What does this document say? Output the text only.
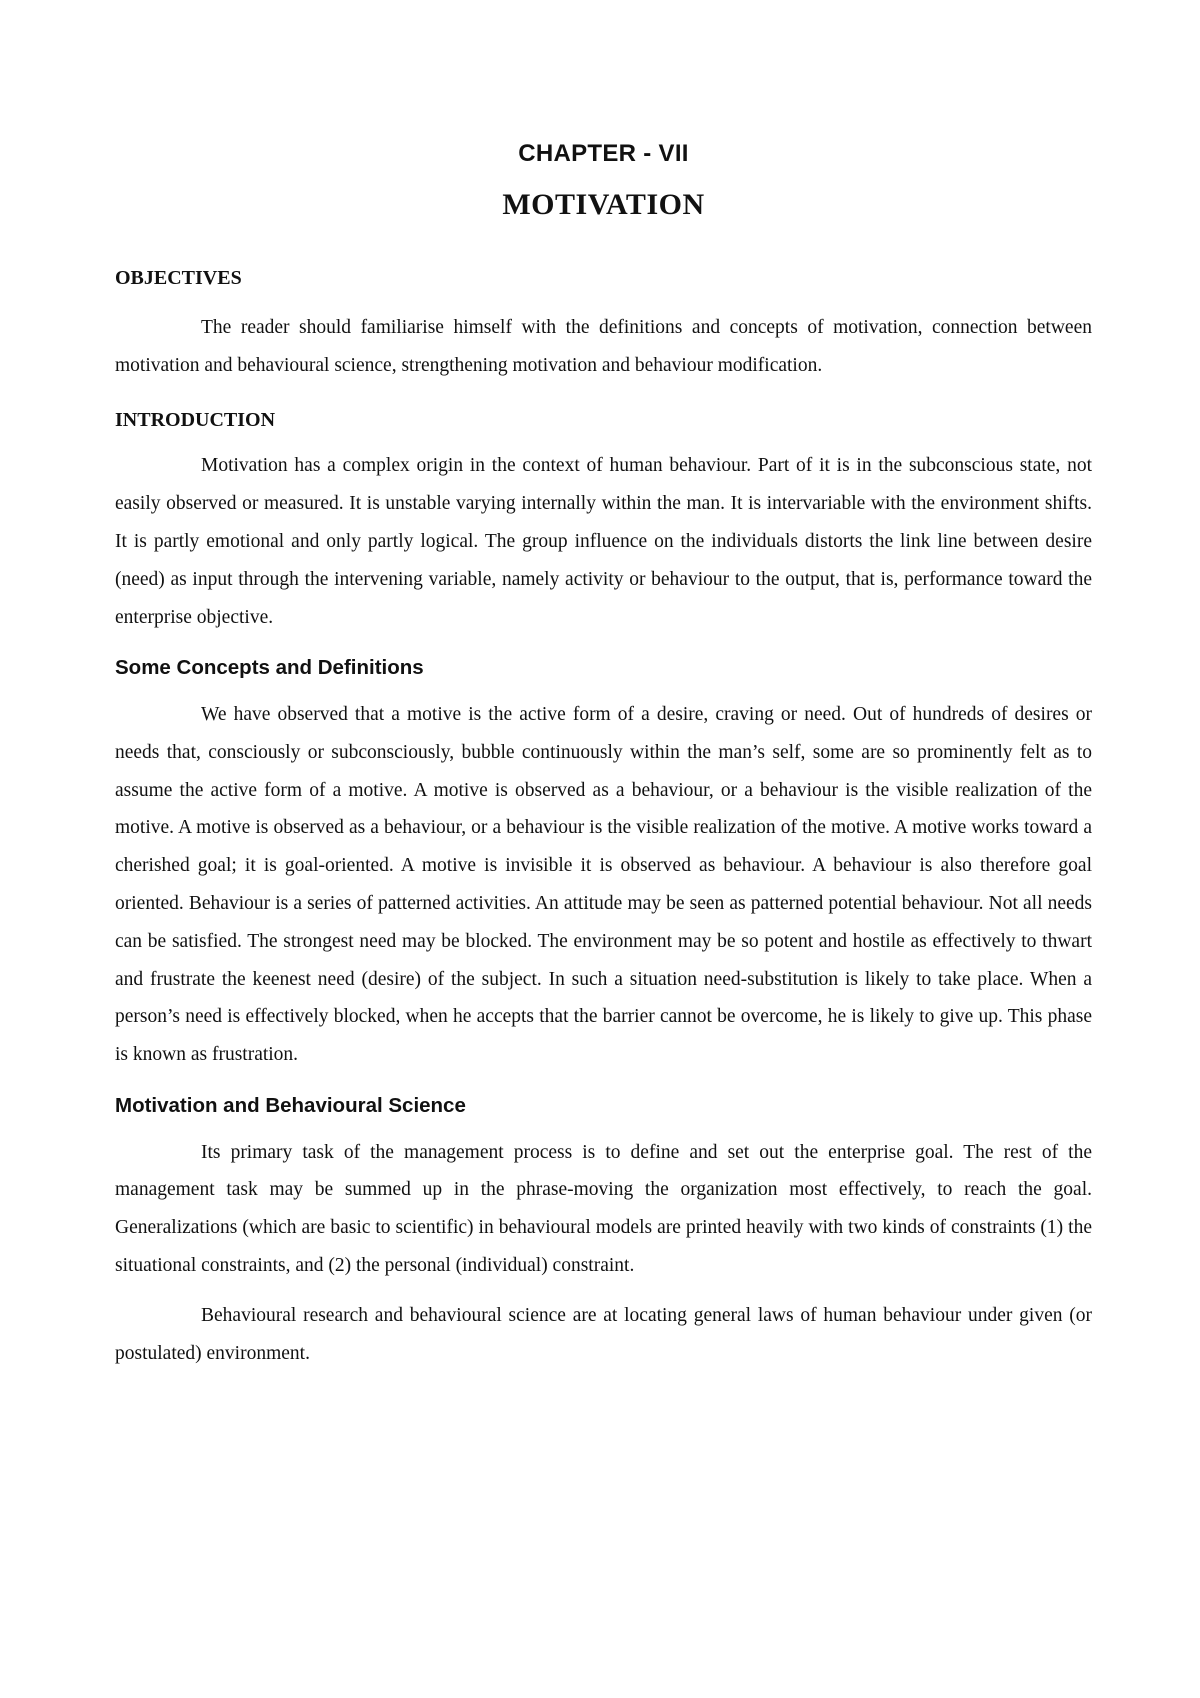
CHAPTER - VII
MOTIVATION
OBJECTIVES

The reader should familiarise himself with the definitions and concepts of motivation, connection between motivation and behavioural science, strengthening motivation and behaviour modification.

INTRODUCTION

Motivation has a complex origin in the context of human behaviour. Part of it is in the subconscious state, not easily observed or measured. It is unstable varying internally within the man. It is intervariable with the environment shifts. It is partly emotional and only partly logical. The group influence on the individuals distorts the link line between desire (need) as input through the intervening variable, namely activity or behaviour to the output, that is, performance toward the enterprise objective.

Some Concepts and Definitions

We have observed that a motive is the active form of a desire, craving or need. Out of hundreds of desires or needs that, consciously or subconsciously, bubble continuously within the man’s self, some are so prominently felt as to assume the active form of a motive. A motive is observed as a behaviour, or a behaviour is the visible realization of the motive. A motive is observed as a behaviour, or a behaviour is the visible realization of the motive. A motive works toward a cherished goal; it is goal-oriented. A motive is invisible it is observed as behaviour. A behaviour is also therefore goal oriented. Behaviour is a series of patterned activities. An attitude may be seen as patterned potential behaviour. Not all needs can be satisfied. The strongest need may be blocked. The environment may be so potent and hostile as effectively to thwart and frustrate the keenest need (desire) of the subject. In such a situation need-substitution is likely to take place. When a person’s need is effectively blocked, when he accepts that the barrier cannot be overcome, he is likely to give up. This phase is known as frustration.

Motivation and Behavioural Science

Its primary task of the management process is to define and set out the enterprise goal. The rest of the management task may be summed up in the phrase-moving the organization most effectively, to reach the goal. Generalizations (which are basic to scientific) in behavioural models are printed heavily with two kinds of constraints (1) the situational constraints, and (2) the personal (individual) constraint.

Behavioural research and behavioural science are at locating general laws of human behaviour under given (or postulated) environment.
